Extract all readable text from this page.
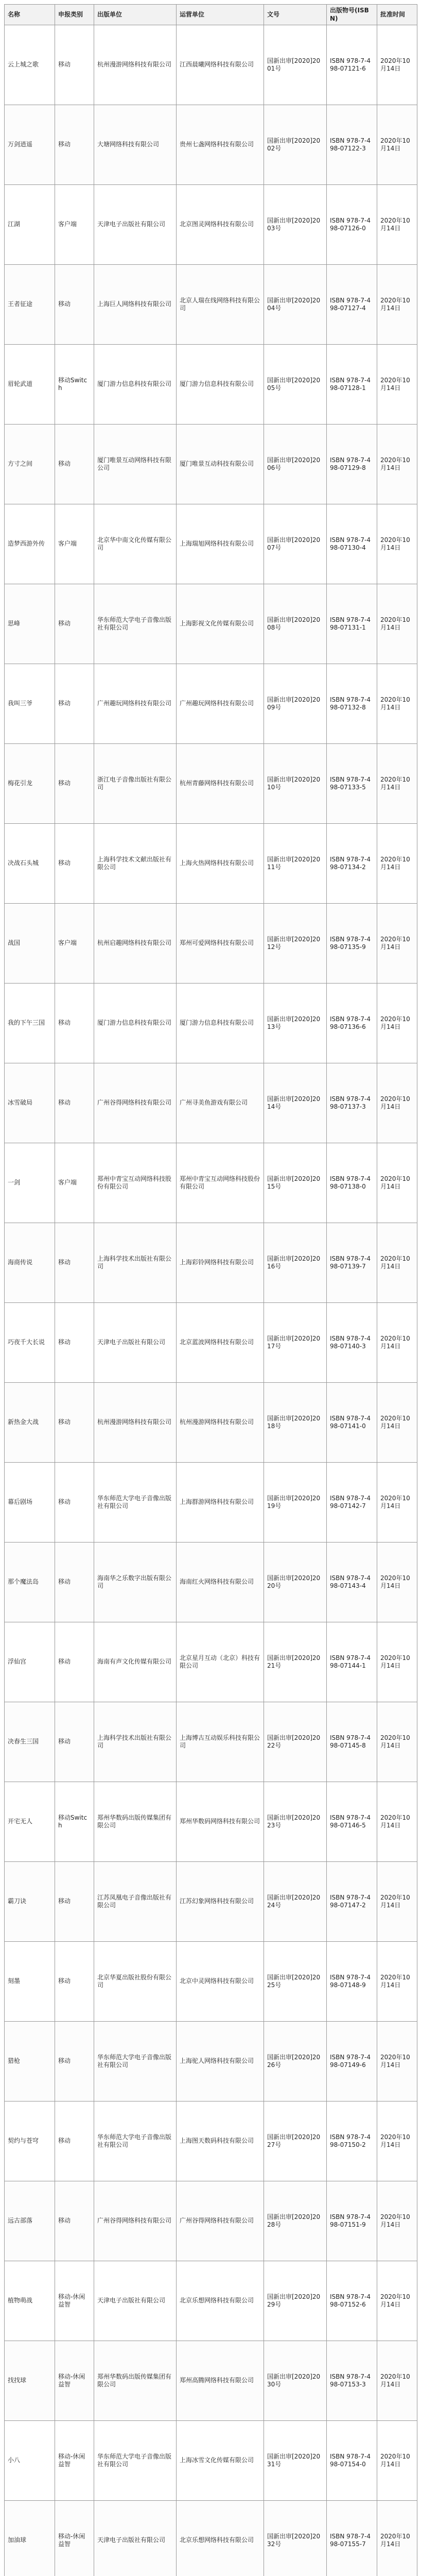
名称	申报类别	出版单位	运营单位	文号	出版物号(ISBN)	批准时间
云上城之歌	移动	杭州漫游网络科技有限公司	江西晨曦网络科技有限公司	国新出审[2020]2001号	ISBN 978-7-498-07121-6	2020年10月14日
万剑逍遥	移动	大塘网络科技有限公司	贵州七盏网络科技有限公司	国新出审[2020]2002号	ISBN 978-7-498-07122-3	2020年10月14日
江湖	客户端	天津电子出版社有限公司	北京图灵网络科技有限公司	国新出审[2020]2003号	ISBN 978-7-498-07126-0	2020年10月14日
王者征途	移动	上海巨人网络科技有限公司	北京人瑞在线网络科技有限公司	国新出审[2020]2004号	ISBN 978-7-498-07127-4	2020年10月14日
眉轮武道	移动Switch	厦门游力信息科技有限公司	厦门游力信息科技有限公司	国新出审[2020]2005号	ISBN 978-7-498-07128-1	2020年10月14日
方寸之间	移动	厦门唯景互动网络科技有限公司	厦门唯景互动科技有限公司	国新出审[2020]2006号	ISBN 978-7-498-07129-8	2020年10月14日
造梦西游外传	客户端	北京华中南文化传媒有限公司	上海瑞旭网络科技有限公司	国新出审[2020]2007号	ISBN 978-7-498-07130-4	2020年10月14日
思峰	移动	华东师范大学电子音像出版社有限公司	上海影视文化传媒有限公司	国新出审[2020]2008号	ISBN 978-7-498-07131-1	2020年10月14日
我叫三爷	移动	广州趣玩网络科技有限公司	广州趣玩网络科技有限公司	国新出审[2020]2009号	ISBN 978-7-498-07132-8	2020年10月14日
梅花引龙	移动	浙江电子音像出版社有限公司	杭州青藤网络科技有限公司	国新出审[2020]2010号	ISBN 978-7-498-07133-5	2020年10月14日
决战石头城	移动	上海科学技术文献出版社有限公司	上海火热网络科技有限公司	国新出审[2020]2011号	ISBN 978-7-498-07134-2	2020年10月14日
战国	客户端	杭州启趣网络科技有限公司	郑州可爱网络科技有限公司	国新出审[2020]2012号	ISBN 978-7-498-07135-9	2020年10月14日
我的下午三国	移动	厦门游力信息科技有限公司	厦门游力信息科技有限公司	国新出审[2020]2013号	ISBN 978-7-498-07136-6	2020年10月14日
冰雪破局	移动	广州谷得网络科技有限公司	广州寻美鱼游戏有限公司	国新出审[2020]2014号	ISBN 978-7-498-07137-3	2020年10月14日
一剑	客户端	郑州中青宝互动网络科技股份有限公司	郑州中青宝互动网络科技股份有限公司	国新出审[2020]2015号	ISBN 978-7-498-07138-0	2020年10月14日
海商传说	移动	上海科学技术出版社有限公司	上海彩铃网络科技有限公司	国新出审[2020]2016号	ISBN 978-7-498-07139-7	2020年10月14日
巧夜千大长说	移动	天津电子出版社有限公司	北京蓝波网络科技有限公司	国新出审[2020]2017号	ISBN 978-7-498-07140-3	2020年10月14日
新热金大战	移动	杭州漫游网络科技有限公司	杭州漫游网络科技有限公司	国新出审[2020]2018号	ISBN 978-7-498-07141-0	2020年10月14日
幕后剧场	移动	华东师范大学电子音像出版社有限公司	上海群游网络科技有限公司	国新出审[2020]2019号	ISBN 978-7-498-07142-7	2020年10月14日
那个魔法岛	移动	海南华之乐数字出版有限公司	海南红火网络科技有限公司	国新出审[2020]2020号	ISBN 978-7-498-07143-4	2020年10月14日
浮仙宫	移动	海南有声文化传媒有限公司	北京星月互动（北京）科技有限公司	国新出审[2020]2021号	ISBN 978-7-498-07144-1	2020年10月14日
决春生三国	移动	上海科学技术出版社有限公司	上海博古互动娱乐科技有限公司	国新出审[2020]2022号	ISBN 978-7-498-07145-8	2020年10月14日
开宅无人	移动Switch	郑州华数码出版传媒集团有限公司	郑州华数码网络科技有限公司	国新出审[2020]2023号	ISBN 978-7-498-07146-5	2020年10月14日
霸刀诀	移动	江苏凤凰电子音像出版社有限公司	江苏幻象网络科技有限公司	国新出审[2020]2024号	ISBN 978-7-498-07147-2	2020年10月14日
刻墨	移动	北京华夏出版社股份有限公司	北京中灵网络科技有限公司	国新出审[2020]2025号	ISBN 978-7-498-07148-9	2020年10月14日
猎枪	移动	华东师范大学电子音像出版社有限公司	上海驼人网络科技有限公司	国新出审[2020]2026号	ISBN 978-7-498-07149-6	2020年10月14日
契约与苍穹	移动	华东师范大学电子音像出版社有限公司	上海图天数码科技有限公司	国新出审[2020]2027号	ISBN 978-7-498-07150-2	2020年10月14日
远古部落	移动	广州谷得网络科技有限公司	广州谷得网络科技有限公司	国新出审[2020]2028号	ISBN 978-7-498-07151-9	2020年10月14日
植物萌战	移动-休闲益智	天津电子出版社有限公司	北京乐想网络科技有限公司	国新出审[2020]2029号	ISBN 978-7-498-07152-6	2020年10月14日
找找球	移动-休闲益智	郑州华数码出版传媒集团有限公司	郑州高腾网络科技有限公司	国新出审[2020]2030号	ISBN 978-7-498-07153-3	2020年10月14日
小八	移动-休闲益智	华东师范大学电子音像出版社有限公司	上海冰雪文化传媒有限公司	国新出审[2020]2031号	ISBN 978-7-498-07154-0	2020年10月14日
加油球	移动-休闲益智	天津电子出版社有限公司	北京乐想网络科技有限公司	国新出审[2020]2032号	ISBN 978-7-498-07155-7	2020年10月14日
